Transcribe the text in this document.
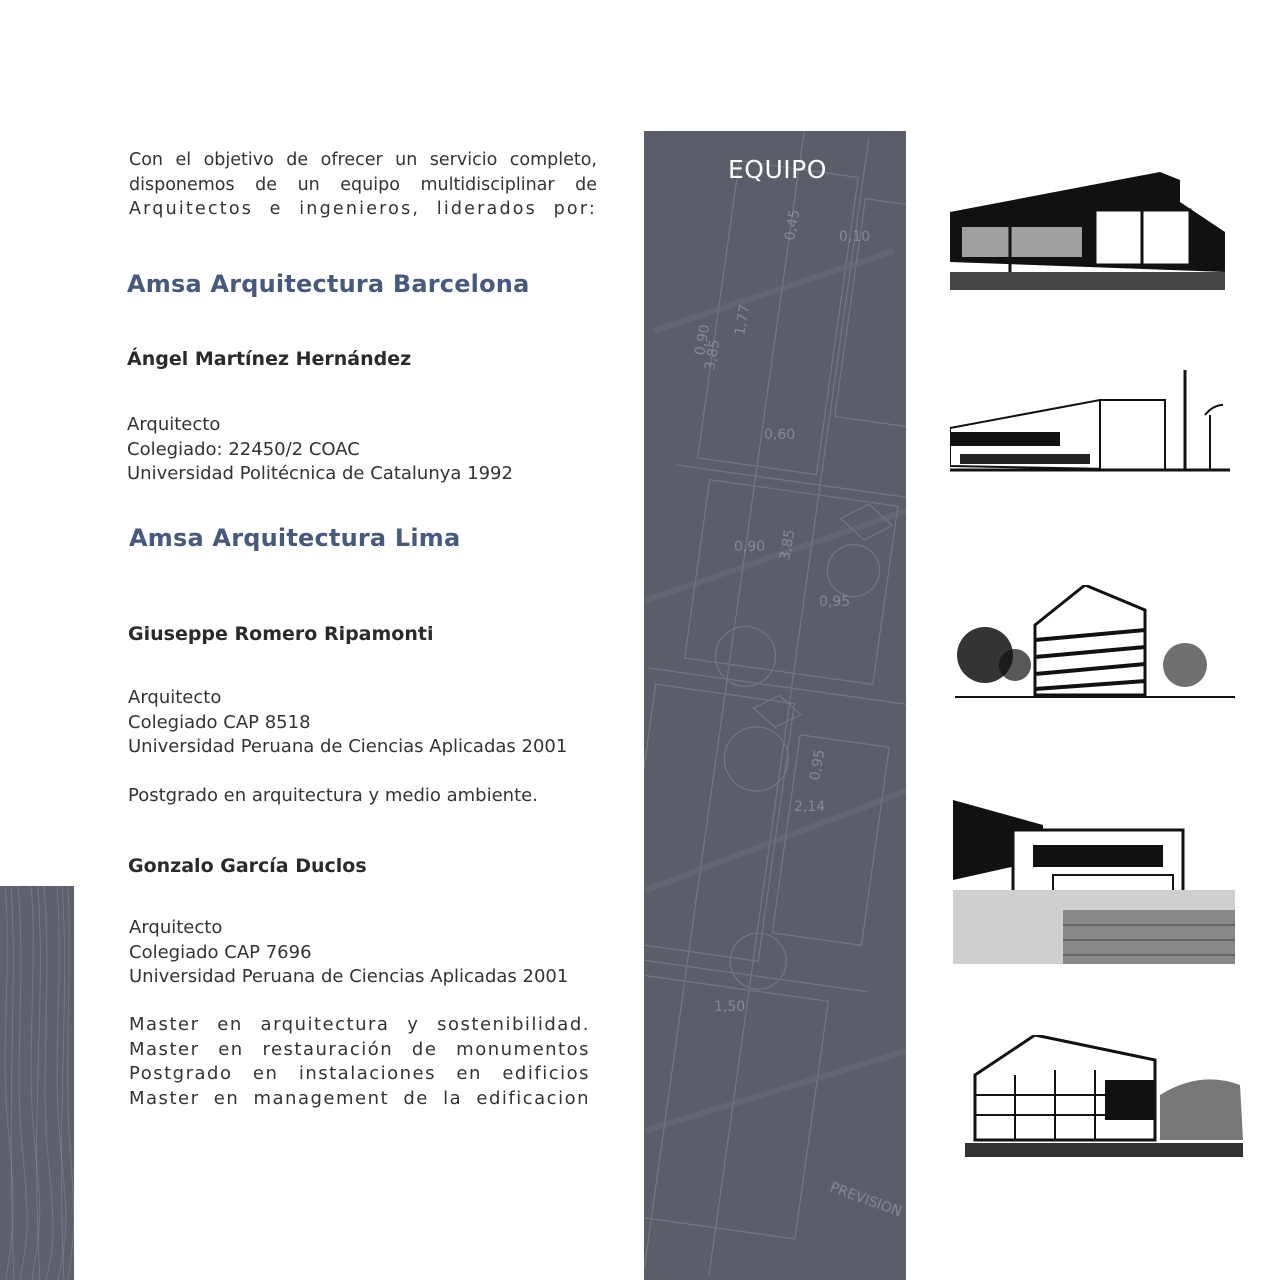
Con el objetivo de ofrecer un servicio completo,
disponemos de un equipo multidisciplinar de
Arquitectos e ingenieros, liderados por:
Amsa Arquitectura Barcelona
Ángel Martínez Hernández
Arquitecto
Colegiado: 22450/2 COAC
Universidad Politécnica de Catalunya 1992
Amsa Arquitectura Lima
Giuseppe Romero Ripamonti
Arquitecto
Colegiado CAP 8518
Universidad Peruana de Ciencias Aplicadas 2001
Postgrado en arquitectura y medio ambiente.
Gonzalo García Duclos
Arquitecto
Colegiado CAP 7696
Universidad Peruana de Ciencias Aplicadas 2001
Master en arquitectura y sostenibilidad.
Master en restauración de monumentos
Postgrado en instalaciones en edificios
Master en management de la edificacion
0,45	0,10
0,90
3,85
1,77
0,60
0,95
2,14
0,90 3,85
1,50
0,95
PREVISION
EQUIPO
